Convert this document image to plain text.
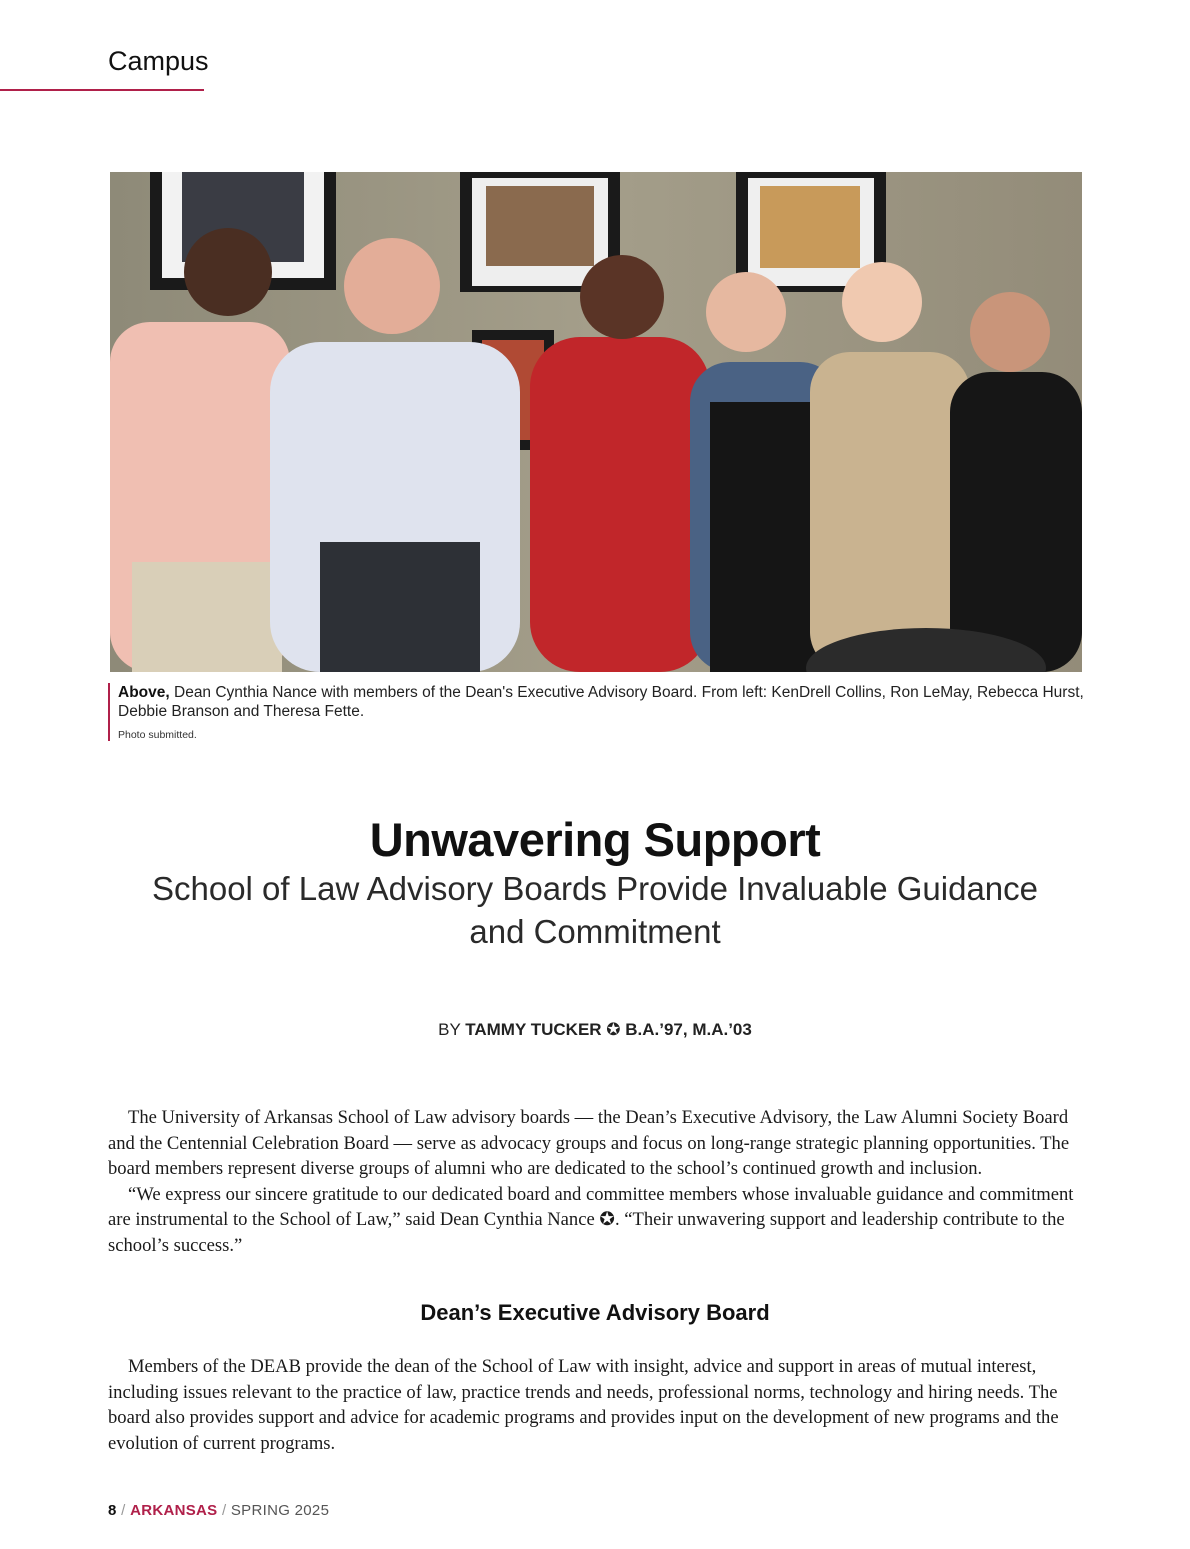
Campus

Above, Dean Cynthia Nance with members of the Dean's Executive Advisory Board. From left: KenDrell Collins, Ron LeMay, Rebecca Hurst, Debbie Branson and Theresa Fette.

Photo submitted.

Unwavering Support
School of Law Advisory Boards Provide Invaluable Guidance and Commitment
BY TAMMY TUCKER ✪ B.A.’97, M.A.’03

The University of Arkansas School of Law advisory boards — the Dean’s Executive Advisory, the Law Alumni Society Board and the Centennial Celebration Board — serve as advocacy groups and focus on long-range strategic planning opportunities. The board members represent diverse groups of alumni who are dedicated to the school’s continued growth and inclusion.

“We express our sincere gratitude to our dedicated board and committee members whose invaluable guidance and commitment are instrumental to the School of Law,” said Dean Cynthia Nance ✪. “Their unwavering support and leadership contribute to the school’s success.”

Dean’s Executive Advisory Board

Members of the DEAB provide the dean of the School of Law with insight, advice and support in areas of mutual interest, including issues relevant to the practice of law, practice trends and needs, professional norms, technology and hiring needs. The board also provides support and advice for academic programs and provides input on the development of new programs and the evolution of current programs.

8 / ARKANSAS / SPRING 2025
